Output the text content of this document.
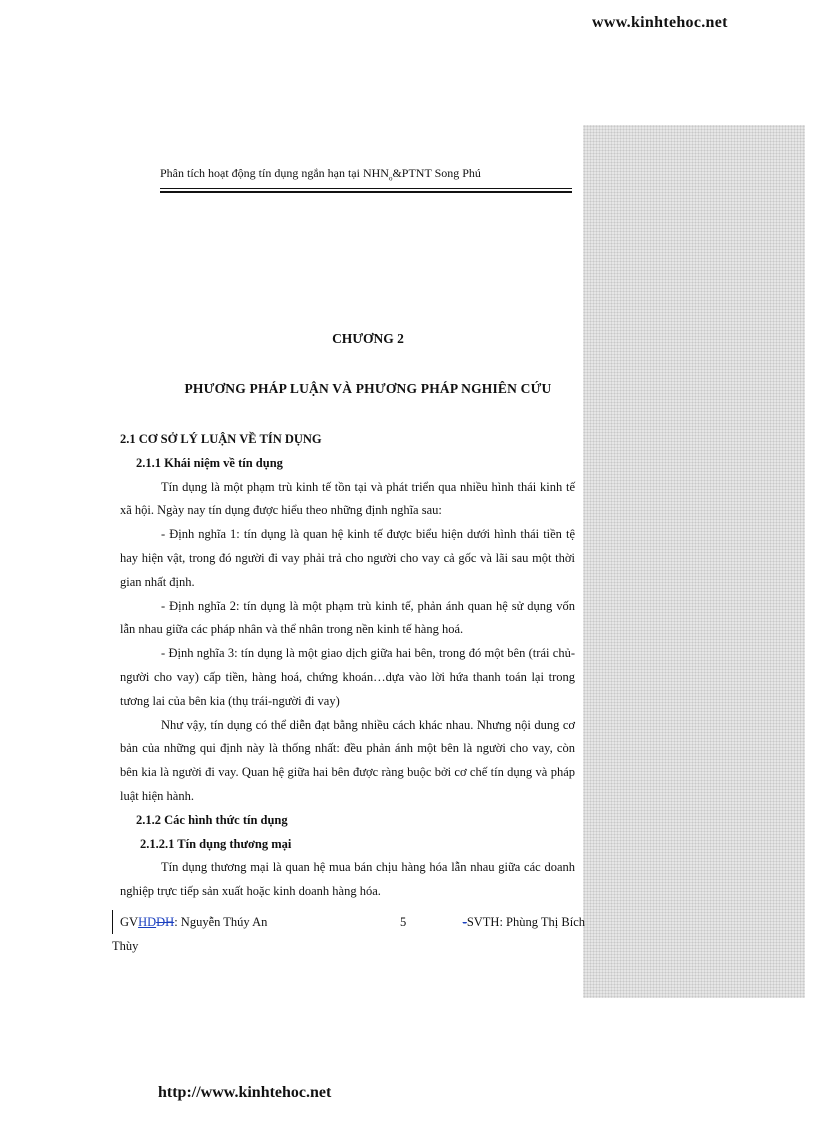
www.kinhtehoc.net
Phân tích hoạt động tín dụng ngắn hạn tại $NHN_o\&PTNT$ Song Phú
CHƯƠNG 2
PHƯƠNG PHÁP LUẬN VÀ PHƯƠNG PHÁP NGHIÊN CỨU

2.1 CƠ SỞ LÝ LUẬN VỀ TÍN DỤNG

2.1.1 Khái niệm về tín dụng

Tín dụng là một phạm trù kinh tế tồn tại và phát triển qua nhiều hình thái kinh tế xã hội. Ngày nay tín dụng được hiểu theo những định nghĩa sau:

- Định nghĩa 1: tín dụng là quan hệ kinh tế được biểu hiện dưới hình thái tiền tệ hay hiện vật, trong đó người đi vay phải trả cho người cho vay cả gốc và lãi sau một thời gian nhất định.

- Định nghĩa 2: tín dụng là một phạm trù kinh tế, phản ánh quan hệ sử dụng vốn lẫn nhau giữa các pháp nhân và thể nhân trong nền kinh tế hàng hoá.

- Định nghĩa 3: tín dụng là một giao dịch giữa hai bên, trong đó một bên (trái chủ-người cho vay) cấp tiền, hàng hoá, chứng khoán…dựa vào lời hứa thanh toán lại trong tương lai của bên kia (thụ trái-người đi vay)

Như vậy, tín dụng có thể diễn đạt bằng nhiều cách khác nhau. Nhưng nội dung cơ bản của những qui định này là thống nhất: đều phản ánh một bên là người cho vay, còn bên kia là người đi vay. Quan hệ giữa hai bên được ràng buộc bởi cơ chế tín dụng và pháp luật hiện hành.

2.1.2 Các hình thức tín dụng

2.1.2.1 Tín dụng thương mại

Tín dụng thương mại là quan hệ mua bán chịu hàng hóa lẫn nhau giữa các doanh nghiệp trực tiếp sản xuất hoặc kinh doanh hàng hóa.

GVHDDH: Nguyễn Thúy An	5	-SVTH: Phùng Thị Bích
Thùy
http://www.kinhtehoc.net
